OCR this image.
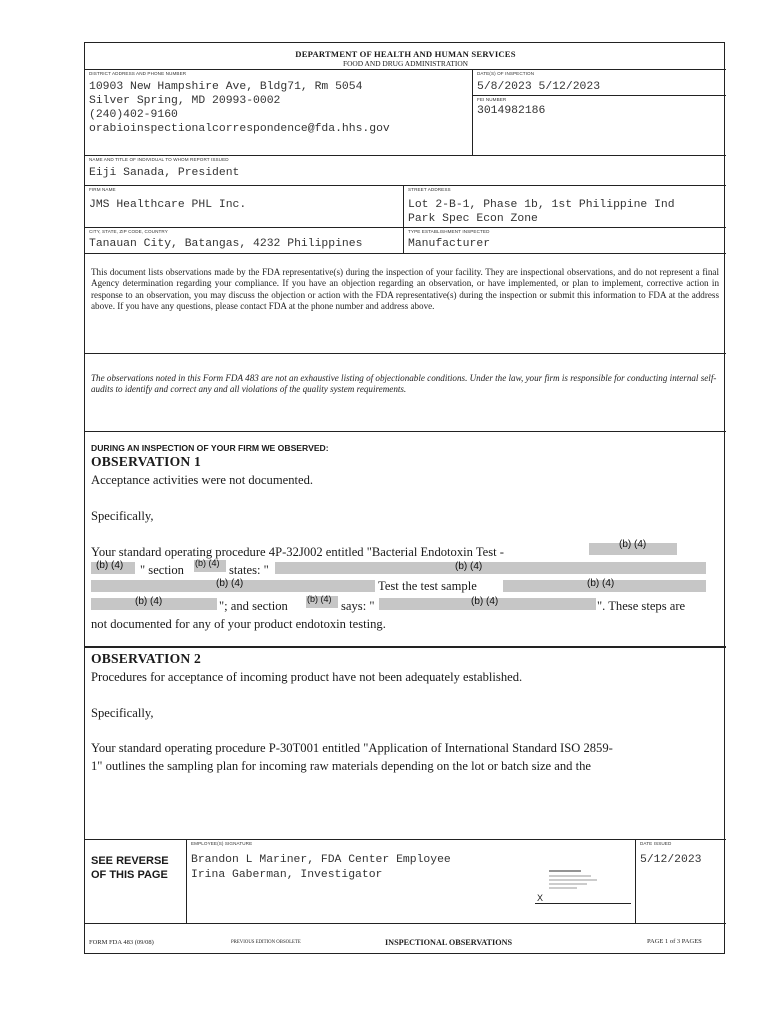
DEPARTMENT OF HEALTH AND HUMAN SERVICES
FOOD AND DRUG ADMINISTRATION
DISTRICT ADDRESS AND PHONE NUMBER
10903 New Hampshire Ave, Bldg71, Rm 5054
Silver Spring, MD 20993-0002
(240)402-9160
orabioinspectionalcorrespondence@fda.hhs.gov
DATE(S) OF INSPECTION
5/8/2023 5/12/2023
FEI NUMBER
3014982186
NAME AND TITLE OF INDIVIDUAL TO WHOM REPORT ISSUED
Eiji Sanada, President
FIRM NAME
JMS Healthcare PHL Inc.
STREET ADDRESS
Lot 2-B-1, Phase 1b, 1st Philippine Ind
Park Spec Econ Zone
CITY, STATE, ZIP CODE, COUNTRY
Tanauan City, Batangas, 4232 Philippines
TYPE ESTABLISHMENT INSPECTED
Manufacturer
This document lists observations made by the FDA representative(s) during the inspection of your facility. They are inspectional observations, and do not represent a final Agency determination regarding your compliance. If you have an objection regarding an observation, or have implemented, or plan to implement, corrective action in response to an observation, you may discuss the objection or action with the FDA representative(s) during the inspection or submit this information to FDA at the address above. If you have any questions, please contact FDA at the phone number and address above.
The observations noted in this Form FDA 483 are not an exhaustive listing of objectionable conditions. Under the law, your firm is responsible for conducting internal self-audits to identify and correct any and all violations of the quality system requirements.
DURING AN INSPECTION OF YOUR FIRM WE OBSERVED:
OBSERVATION 1
Acceptance activities were not documented.
Specifically,
Your standard operating procedure 4P-32J002 entitled "Bacterial Endotoxin Test -
(b) (4)
(b) (4) " section (b) (4) states: "	(b) (4)
(b) (4)	Test the test sample	(b) (4)
(b) (4)	"; and section (b) (4) says: "	(b) (4)	". These steps are
not documented for any of your product endotoxin testing.
OBSERVATION 2
Procedures for acceptance of incoming product have not been adequately established.
Specifically,
Your standard operating procedure P-30T001 entitled "Application of International Standard ISO 2859-
1" outlines the sampling plan for incoming raw materials depending on the lot or batch size and the
SEE REVERSE
OF THIS PAGE
EMPLOYEE(S) SIGNATURE
Brandon L Mariner, FDA Center Employee
Irina Gaberman, Investigator
X
DATE ISSUED
5/12/2023
FORM FDA 483 (09/08)	PREVIOUS EDITION OBSOLETE	INSPECTIONAL OBSERVATIONS	PAGE 1 of 3 PAGES
